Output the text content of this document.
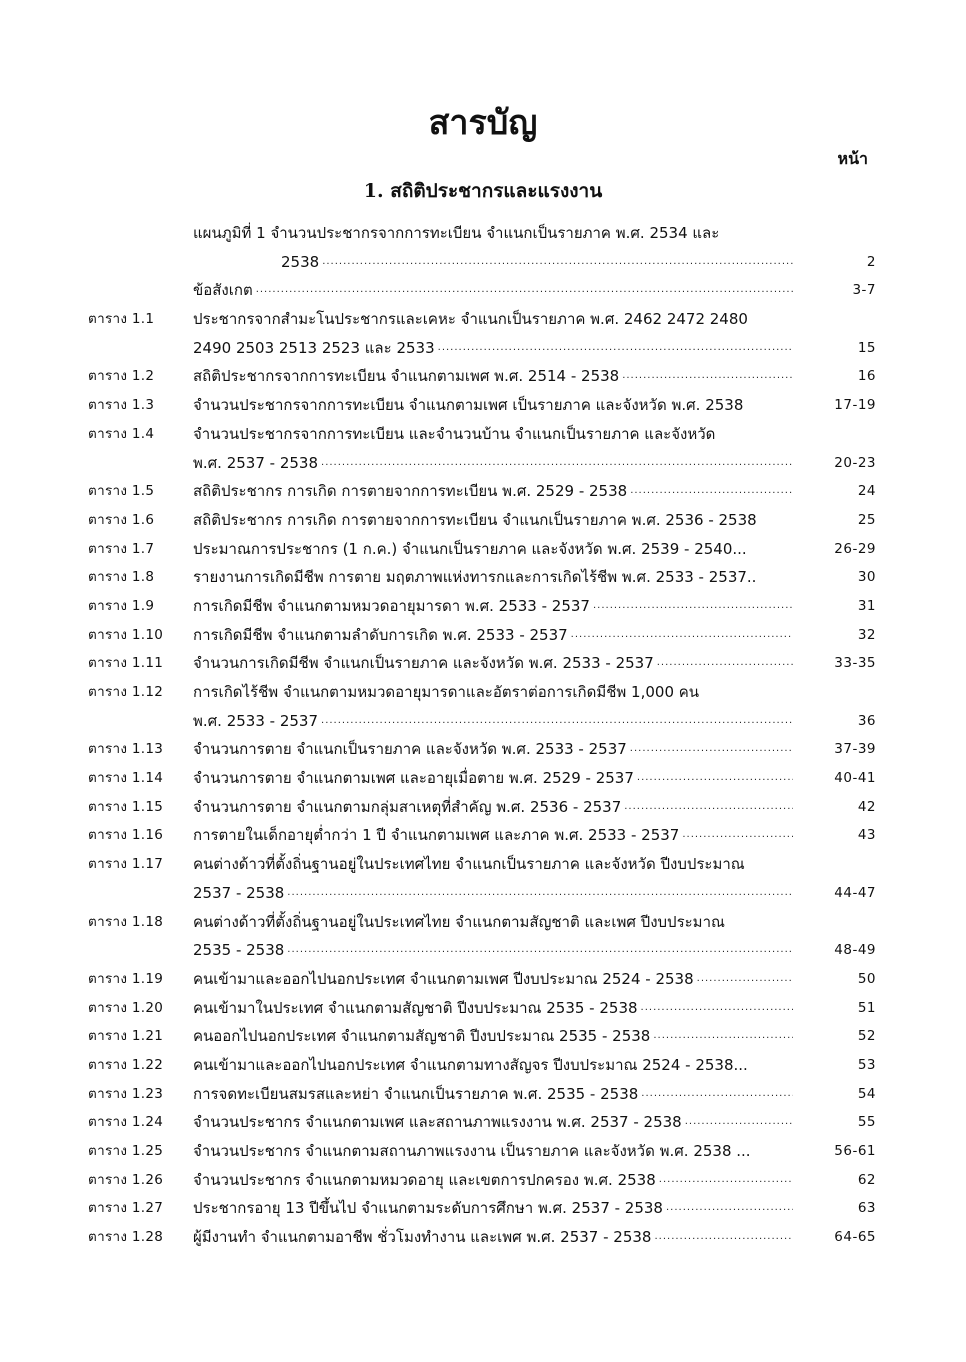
สารบัญ
หน้า
1. สถิติประชากรและแรงงาน
แผนภูมิที่ 1 จำนวนประชากรจากการทะเบียน จำแนกเป็นรายภาค พ.ศ. 2534 และ
2538 .....	2
ข้อสังเกต .....	3-7
ตาราง 1.1	ประชากรจากสำมะโนประชากรและเคหะ จำแนกเป็นรายภาค พ.ศ. 2462 2472 2480
2490 2503 2513 2523 และ 2533 .....	15
ตาราง 1.2	สถิติประชากรจากการทะเบียน จำแนกตามเพศ พ.ศ. 2514 - 2538 .....	16
ตาราง 1.3	จำนวนประชากรจากการทะเบียน จำแนกตามเพศ เป็นรายภาค และจังหวัด พ.ศ. 2538	17-19
ตาราง 1.4	จำนวนประชากรจากการทะเบียน และจำนวนบ้าน จำแนกเป็นรายภาค และจังหวัด
พ.ศ. 2537 - 2538 .....	20-23
ตาราง 1.5	สถิติประชากร การเกิด การตายจากการทะเบียน พ.ศ. 2529 - 2538 .....	24
ตาราง 1.6	สถิติประชากร การเกิด การตายจากการทะเบียน จำแนกเป็นรายภาค พ.ศ. 2536 - 2538	25
ตาราง 1.7	ประมาณการประชากร (1 ก.ค.) จำแนกเป็นรายภาค และจังหวัด พ.ศ. 2539 - 2540...	26-29
ตาราง 1.8	รายงานการเกิดมีชีพ การตาย มฤตภาพแห่งทารกและการเกิดไร้ชีพ พ.ศ. 2533 - 2537..	30
ตาราง 1.9	การเกิดมีชีพ จำแนกตามหมวดอายุมารดา พ.ศ. 2533 - 2537 .....	31
ตาราง 1.10	การเกิดมีชีพ จำแนกตามลำดับการเกิด พ.ศ. 2533 - 2537 .....	32
ตาราง 1.11	จำนวนการเกิดมีชีพ จำแนกเป็นรายภาค และจังหวัด พ.ศ. 2533 - 2537 .....	33-35
ตาราง 1.12	การเกิดไร้ชีพ จำแนกตามหมวดอายุมารดาและอัตราต่อการเกิดมีชีพ 1,000 คน
พ.ศ. 2533 - 2537 .....	36
ตาราง 1.13	จำนวนการตาย จำแนกเป็นรายภาค และจังหวัด พ.ศ. 2533 - 2537 .....	37-39
ตาราง 1.14	จำนวนการตาย จำแนกตามเพศ และอายุเมื่อตาย พ.ศ. 2529 - 2537 .....	40-41
ตาราง 1.15	จำนวนการตาย จำแนกตามกลุ่มสาเหตุที่สำคัญ พ.ศ. 2536 - 2537 .....	42
ตาราง 1.16	การตายในเด็กอายุต่ำกว่า 1 ปี จำแนกตามเพศ และภาค พ.ศ. 2533 - 2537 .....	43
ตาราง 1.17	คนต่างด้าวที่ตั้งถิ่นฐานอยู่ในประเทศไทย จำแนกเป็นรายภาค และจังหวัด ปีงบประมาณ
2537 - 2538 .....	44-47
ตาราง 1.18	คนต่างด้าวที่ตั้งถิ่นฐานอยู่ในประเทศไทย จำแนกตามสัญชาติ และเพศ ปีงบประมาณ
2535 - 2538 .....	48-49
ตาราง 1.19	คนเข้ามาและออกไปนอกประเทศ จำแนกตามเพศ ปีงบประมาณ 2524 - 2538 .....	50
ตาราง 1.20	คนเข้ามาในประเทศ จำแนกตามสัญชาติ ปีงบประมาณ 2535 - 2538 .....	51
ตาราง 1.21	คนออกไปนอกประเทศ จำแนกตามสัญชาติ ปีงบประมาณ 2535 - 2538 .....	52
ตาราง 1.22	คนเข้ามาและออกไปนอกประเทศ จำแนกตามทางสัญจร ปีงบประมาณ 2524 - 2538...	53
ตาราง 1.23	การจดทะเบียนสมรสและหย่า จำแนกเป็นรายภาค พ.ศ. 2535 - 2538 .....	54
ตาราง 1.24	จำนวนประชากร จำแนกตามเพศ และสถานภาพแรงงาน พ.ศ. 2537 - 2538 .....	55
ตาราง 1.25	จำนวนประชากร จำแนกตามสถานภาพแรงงาน เป็นรายภาค และจังหวัด พ.ศ. 2538 ...	56-61
ตาราง 1.26	จำนวนประชากร จำแนกตามหมวดอายุ และเขตการปกครอง พ.ศ. 2538 .....	62
ตาราง 1.27	ประชากรอายุ 13 ปีขึ้นไป จำแนกตามระดับการศึกษา พ.ศ. 2537 - 2538 .....	63
ตาราง 1.28	ผู้มีงานทำ จำแนกตามอาชีพ ชั่วโมงทำงาน และเพศ พ.ศ. 2537 - 2538 .....	64-65
